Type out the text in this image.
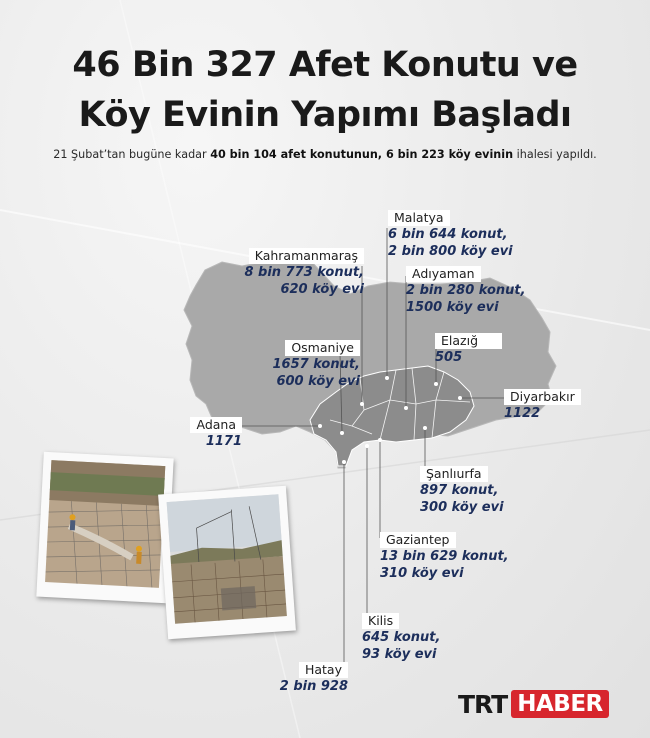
46 Bin 327 Afet Konutu ve
Köy Evinin Yapımı Başladı
21 Şubat’tan bugüne kadar 40 bin 104 afet konutunun, 6 bin 223 köy evinin ihalesi yapıldı.
Malatya
6 bin 644 konut,
2 bin 800 köy evi
Kahramanmaraş
8 bin 773 konut,
620 köy evi
Adıyaman
2 bin 280 konut,
1500 köy evi
Elazığ
505
Osmaniye
1657 konut,
600 köy evi
Diyarbakır
1122
Adana
1171
Şanlıurfa
897 konut,
300 köy evi
Gaziantep
13 bin 629 konut,
310 köy evi
Kilis
645 konut,
93 köy evi
Hatay
2 bin 928
TRT HABER
